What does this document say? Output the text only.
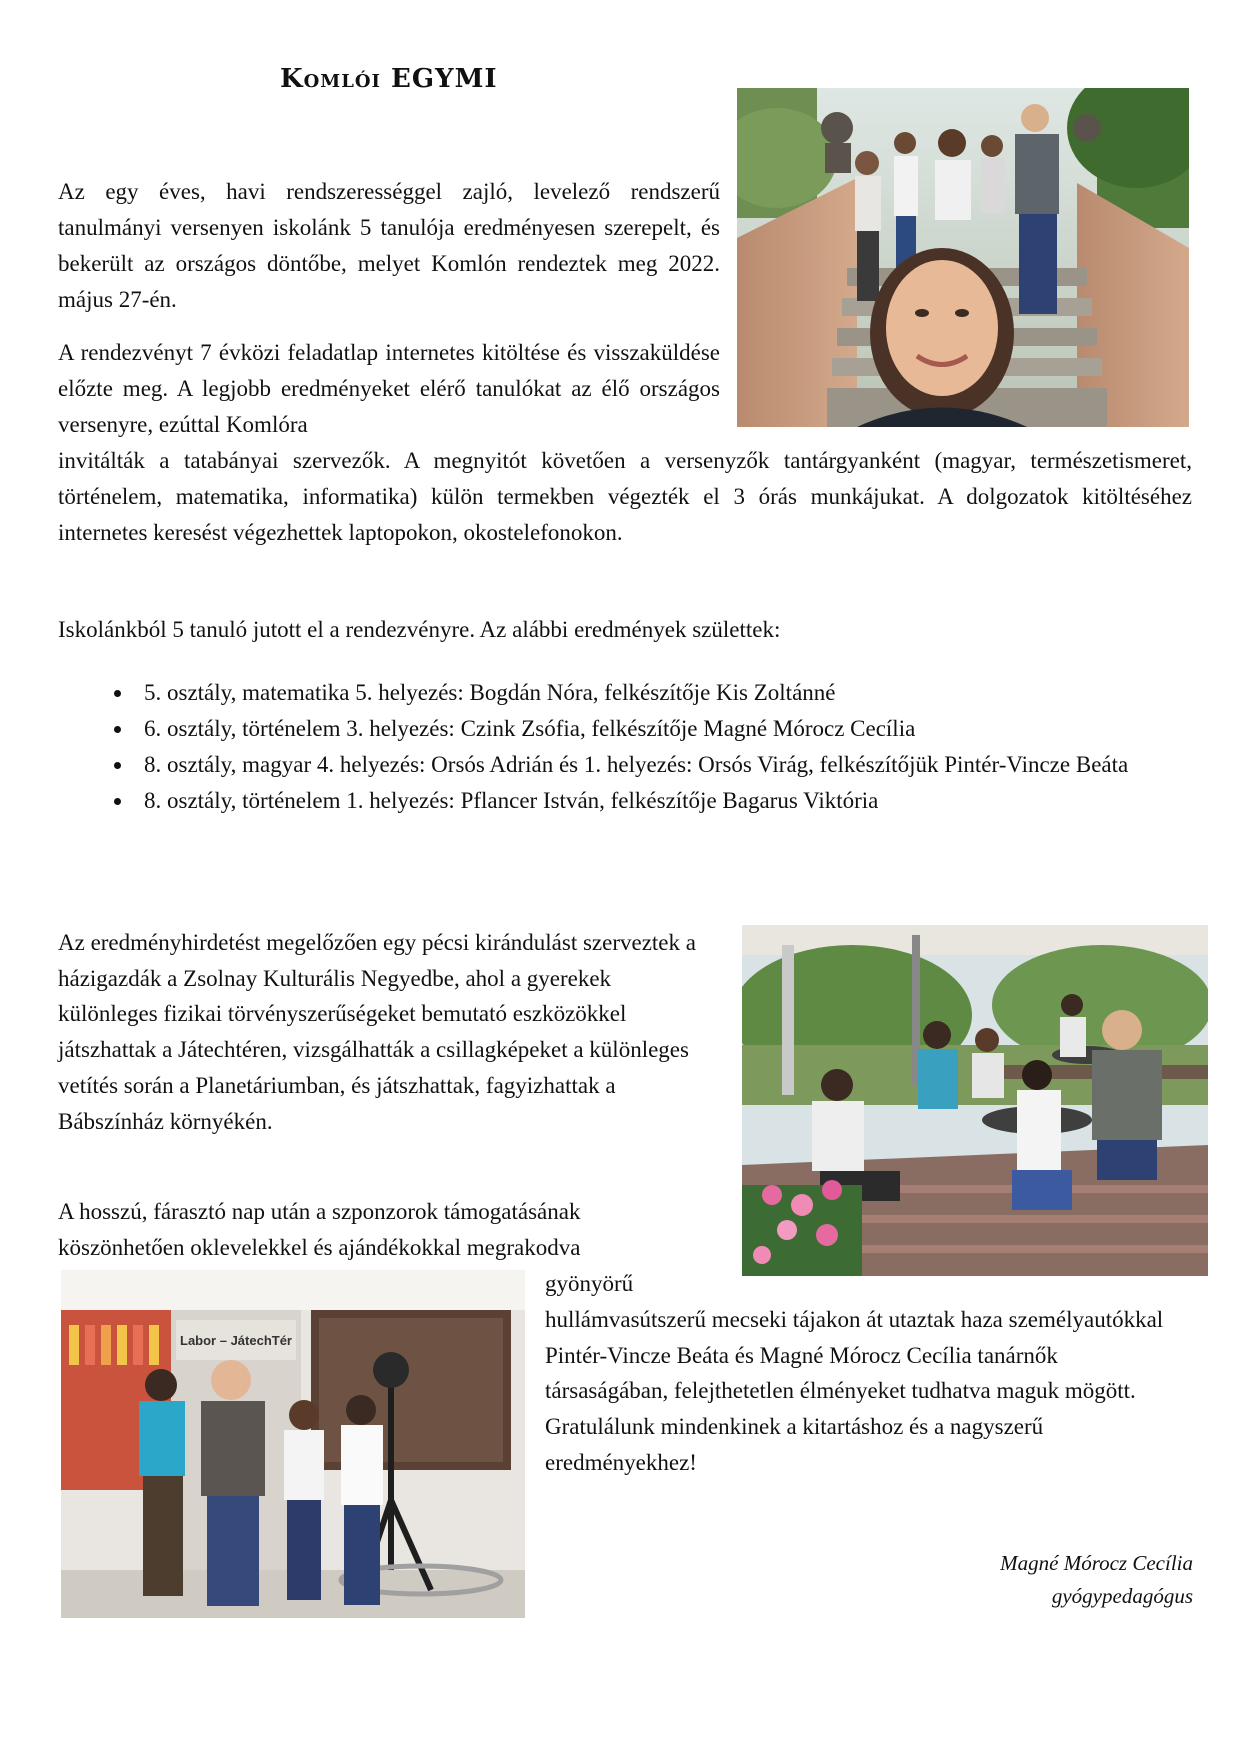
Komlói EGYMI

Az egy éves, havi rendszerességgel zajló, levelező rendszerű tanulmányi versenyen iskolánk 5 tanulója eredményesen szerepelt, és bekerült az országos döntőbe, melyet Komlón rendeztek meg 2022. május 27-én.

A rendezvényt 7 évközi feladatlap internetes kitöltése és visszaküldése előzte meg. A legjobb eredményeket elérő tanulókat az élő országos versenyre, ezúttal Komlóra

invitálták a tatabányai szervezők. A megnyitót követően a versenyzők tantárgyanként (magyar, természetismeret, történelem, matematika, informatika) külön termekben végezték el 3 órás munkájukat. A dolgozatok kitöltéséhez internetes keresést végezhettek laptopokon, okostelefonokon.

Iskolánkból 5 tanuló jutott el a rendezvényre. Az alábbi eredmények születtek:

• 5. osztály, matematika 5. helyezés: Bogdán Nóra, felkészítője Kis Zoltánné
• 6. osztály, történelem 3. helyezés: Czink Zsófia, felkészítője Magné Mórocz Cecília
• 8. osztály, magyar 4. helyezés: Orsós Adrián és 1. helyezés: Orsós Virág, felkészítőjük Pintér-Vincze Beáta
• 8. osztály, történelem 1. helyezés: Pflancer István, felkészítője Bagarus Viktória

Az eredményhirdetést megelőzően egy pécsi kirándulást szerveztek a házigazdák a Zsolnay Kulturális Negyedbe, ahol a gyerekek különleges fizikai törvényszerűségeket bemutató eszközökkel játszhattak a Játechtéren, vizsgálhatták a csillagképeket a különleges vetítés során a Planetáriumban, és játszhattak, fagyizhattak a Bábszínház környékén.

A hosszú, fárasztó nap után a szponzorok támogatásának köszönhetően oklevelekkel és ajándékokkal megrakodva

gyönyörű

hullámvasútszerű mecseki tájakon át utaztak haza személyautókkal Pintér-Vincze Beáta és Magné Mórocz Cecília tanárnők társaságában, felejthetetlen élményeket tudhatva maguk mögött. Gratulálunk mindenkinek a kitartáshoz és a nagyszerű eredményekhez!

Labor – JátechTér
Magné Mórocz Cecília
gyógypedagógus
